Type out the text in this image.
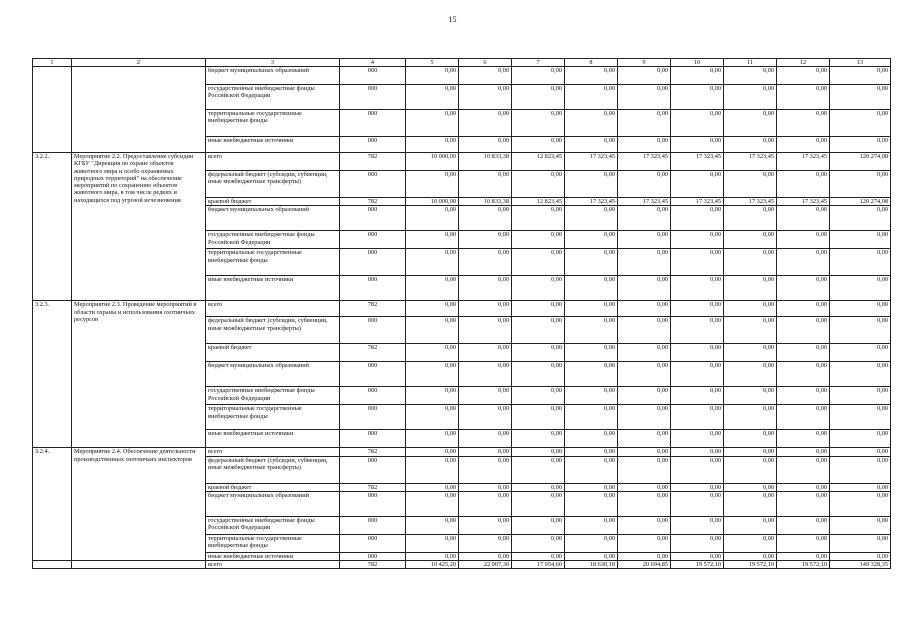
15
1	2	3	4	5	6	7	8	9	10	11	12	13
		бюджет муниципальных образований	000	0,00	0,00	0,00	0,00	0,00	0,00	0,00	0,00	0,00
		государственные внебюджетные фонды Российской Федерации	000	0,00	0,00	0,00	0,00	0,00	0,00	0,00	0,00	0,00
		территориальные государственные внебюджетные фонды	000	0,00	0,00	0,00	0,00	0,00	0,00	0,00	0,00	0,00
		иные внебюджетные источники	000	0,00	0,00	0,00	0,00	0,00	0,00	0,00	0,00	0,00
3.2.2.	Мероприятие 2.2. Предоставление субсидии КГБУ "Дирекция по охране объектов животного мира и особо охраняемых природных территорий" на обеспечение мероприятий по сохранению объектов животного мира, в том числе редких и находящихся под угрозой исчезновения	всего	782	10 000,00	10 833,38	12 823,45	17 323,45	17 323,45	17 323,45	17 323,45	17 323,45	120 274,08
		федеральный бюджет (субсидии, субвенции, иные межбюджетные трансферты)	000	0,00	0,00	0,00	0,00	0,00	0,00	0,00	0,00	0,00
		краевой бюджет	782	10 000,00	10 833,38	12 823,45	17 323,45	17 323,45	17 323,45	17 323,45	17 323,45	120 274,08
		бюджет муниципальных образований	000	0,00	0,00	0,00	0,00	0,00	0,00	0,00	0,00	0,00
		государственные внебюджетные фонды Российской Федерации	000	0,00	0,00	0,00	0,00	0,00	0,00	0,00	0,00	0,00
		территориальные государственные внебюджетные фонды	000	0,00	0,00	0,00	0,00	0,00	0,00	0,00	0,00	0,00
		иные внебюджетные источники	000	0,00	0,00	0,00	0,00	0,00	0,00	0,00	0,00	0,00
3.2.3.	Мероприятие 2.3. Проведение мероприятий в области охраны и использования охотничьих ресурсов	всего	782	0,00	0,00	0,00	0,00	0,00	0,00	0,00	0,00	0,00
		федеральный бюджет (субсидии, субвенции, иные межбюджетные трансферты)	000	0,00	0,00	0,00	0,00	0,00	0,00	0,00	0,00	0,00
		краевой бюджет	782	0,00	0,00	0,00	0,00	0,00	0,00	0,00	0,00	0,00
		бюджет муниципальных образований	000	0,00	0,00	0,00	0,00	0,00	0,00	0,00	0,00	0,00
		государственные внебюджетные фонды Российской Федерации	000	0,00	0,00	0,00	0,00	0,00	0,00	0,00	0,00	0,00
		территориальные государственные внебюджетные фонды	000	0,00	0,00	0,00	0,00	0,00	0,00	0,00	0,00	0,00
		иные внебюджетные источники	000	0,00	0,00	0,00	0,00	0,00	0,00	0,00	0,00	0,00
3.2.4.	Мероприятие 2.4. Обеспечение деятельности производственных охотничьих инспекторов	всего	782	0,00	0,00	0,00	0,00	0,00	0,00	0,00	0,00	0,00
		федеральный бюджет (субсидии, субвенции, иные межбюджетные трансферты)	000	0,00	0,00	0,00	0,00	0,00	0,00	0,00	0,00	0,00
		краевой бюджет	782	0,00	0,00	0,00	0,00	0,00	0,00	0,00	0,00	0,00
		бюджет муниципальных образований	000	0,00	0,00	0,00	0,00	0,00	0,00	0,00	0,00	0,00
		государственные внебюджетные фонды Российской Федерации	000	0,00	0,00	0,00	0,00	0,00	0,00	0,00	0,00	0,00
		территориальные государственные внебюджетные фонды	000	0,00	0,00	0,00	0,00	0,00	0,00	0,00	0,00	0,00
		иные внебюджетные источники	000	0,00	0,00	0,00	0,00	0,00	0,00	0,00	0,00	0,00
		всего	782	10 425,20	22 907,30	17 954,60	18 630,10	20 694,85	19 572,10	19 572,10	19 572,10	149 328,35
